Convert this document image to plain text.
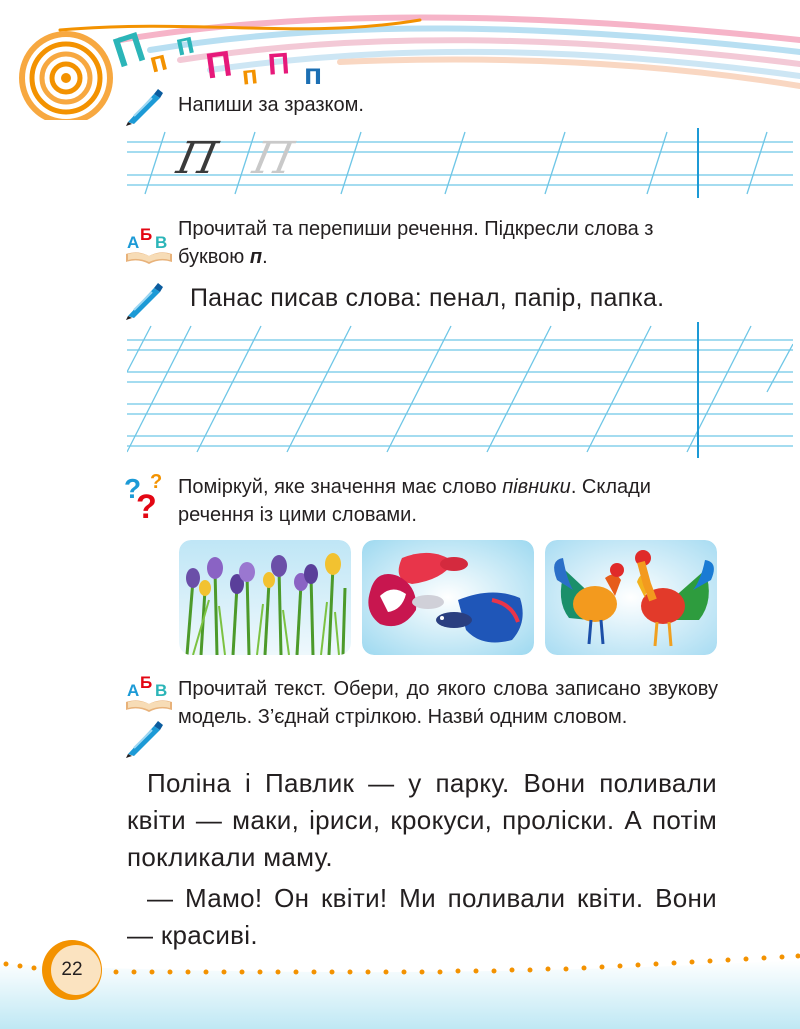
П
п п П п П п
Напиши за зразком.
П П
А Б В
Прочитай та перепиши речення. Підкресли слова з буквою п.
Панас писав слова: пенал, папір, папка.
?
?
? Поміркуй, яке значення має слово півники. Склади речення із цими словами.
А Б В Прочитай текст. Обери, до якого слова записано звукову модель. З’єднай стрілкою. Назви́ одним словом.

Поліна і Павлик — у парку. Вони поливали квіти — маки, іриси, крокуси, проліски. А потім покликали маму.

— Мамо! Он квіти! Ми поливали квіти. Вони — красиві.

22
